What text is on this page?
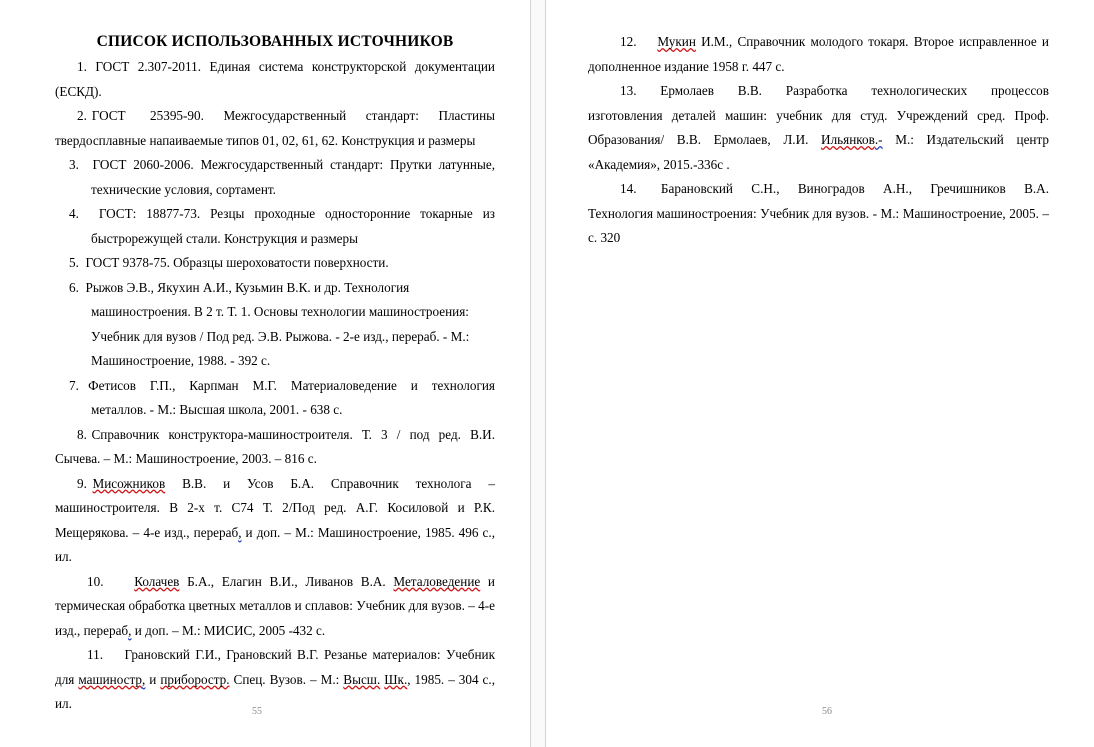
СПИСОК ИСПОЛЬЗОВАННЫХ ИСТОЧНИКОВ

1. ГОСТ 2.307-2011. Единая система конструкторской документации (ЕСКД).

2. ГОСТ     25395-90.    Межгосударственный    стандарт:    Пластины твердосплавные напаиваемые типов 01, 02, 61, 62. Конструкция и размеры

3. ГОСТ 2060-2006. Межгосударственный стандарт: Прутки латунные, технические условия, сортамент.

4. ГОСТ: 18877-73. Резцы проходные односторонние токарные из быстрорежущей стали. Конструкция и размеры

5. ГОСТ 9378-75. Образцы шероховатости поверхности.

6. Рыжов Э.В., Якухин А.И., Кузьмин В.К. и др. Технология
машиностроения. В 2 т. Т. 1. Основы технологии машиностроения:
Учебник для вузов / Под ред. Э.В. Рыжова. - 2-е изд., перераб. - М.:
Машиностроение, 1988. - 392 с.

7. Фетисов   Г.П.,   Карпман   М.Г.   Материаловедение   и   технология металлов. - М.: Высшая школа, 2001. - 638 с.

8. Справочник  конструктора-машиностроителя.  Т.  3  /  под  ред.  В.И. Сычева. – М.: Машиностроение, 2003. – 816 с.

9. Мисожников   В.В.   и   Усов   Б.А.   Справочник   технолога   – машиностроителя. В 2-х т. С74 Т. 2/Под ред. А.Г. Косиловой и Р.К. Мещерякова. – 4-е изд., перераб, и доп. – М.: Машиностроение, 1985. 496 с., ил.

10. Колачев Б.А., Елагин В.И., Ливанов В.А. Металоведение и термическая обработка цветных металлов и сплавов: Учебник для вузов. – 4-е изд., перераб, и доп. – М.: МИСИС, 2005 -432 с.

11. Грановский Г.И., Грановский В.Г. Резанье материалов: Учебник для машиностр, и приборостр. Спец. Вузов. – М.: Высш. Шк., 1985. – 304 с., ил.

55

12. Мукин И.М., Справочник молодого токаря. Второе исправленное и дополненное издание 1958 г. 447 с.

13. Ермолаев    В.В.    Разработка    технологических    процессов изготовления деталей машин: учебник для студ. Учреждений сред. Проф. Образования/ В.В. Ермолаев, Л.И. Ильянков.- М.: Издательский центр «Академия», 2015.-336с .

14. Барановский   С.Н.,   Виноградов   А.Н.,   Гречишников   В.А. Технология машиностроения: Учебник для вузов. - М.: Машиностроение, 2005. – с. 320

56
